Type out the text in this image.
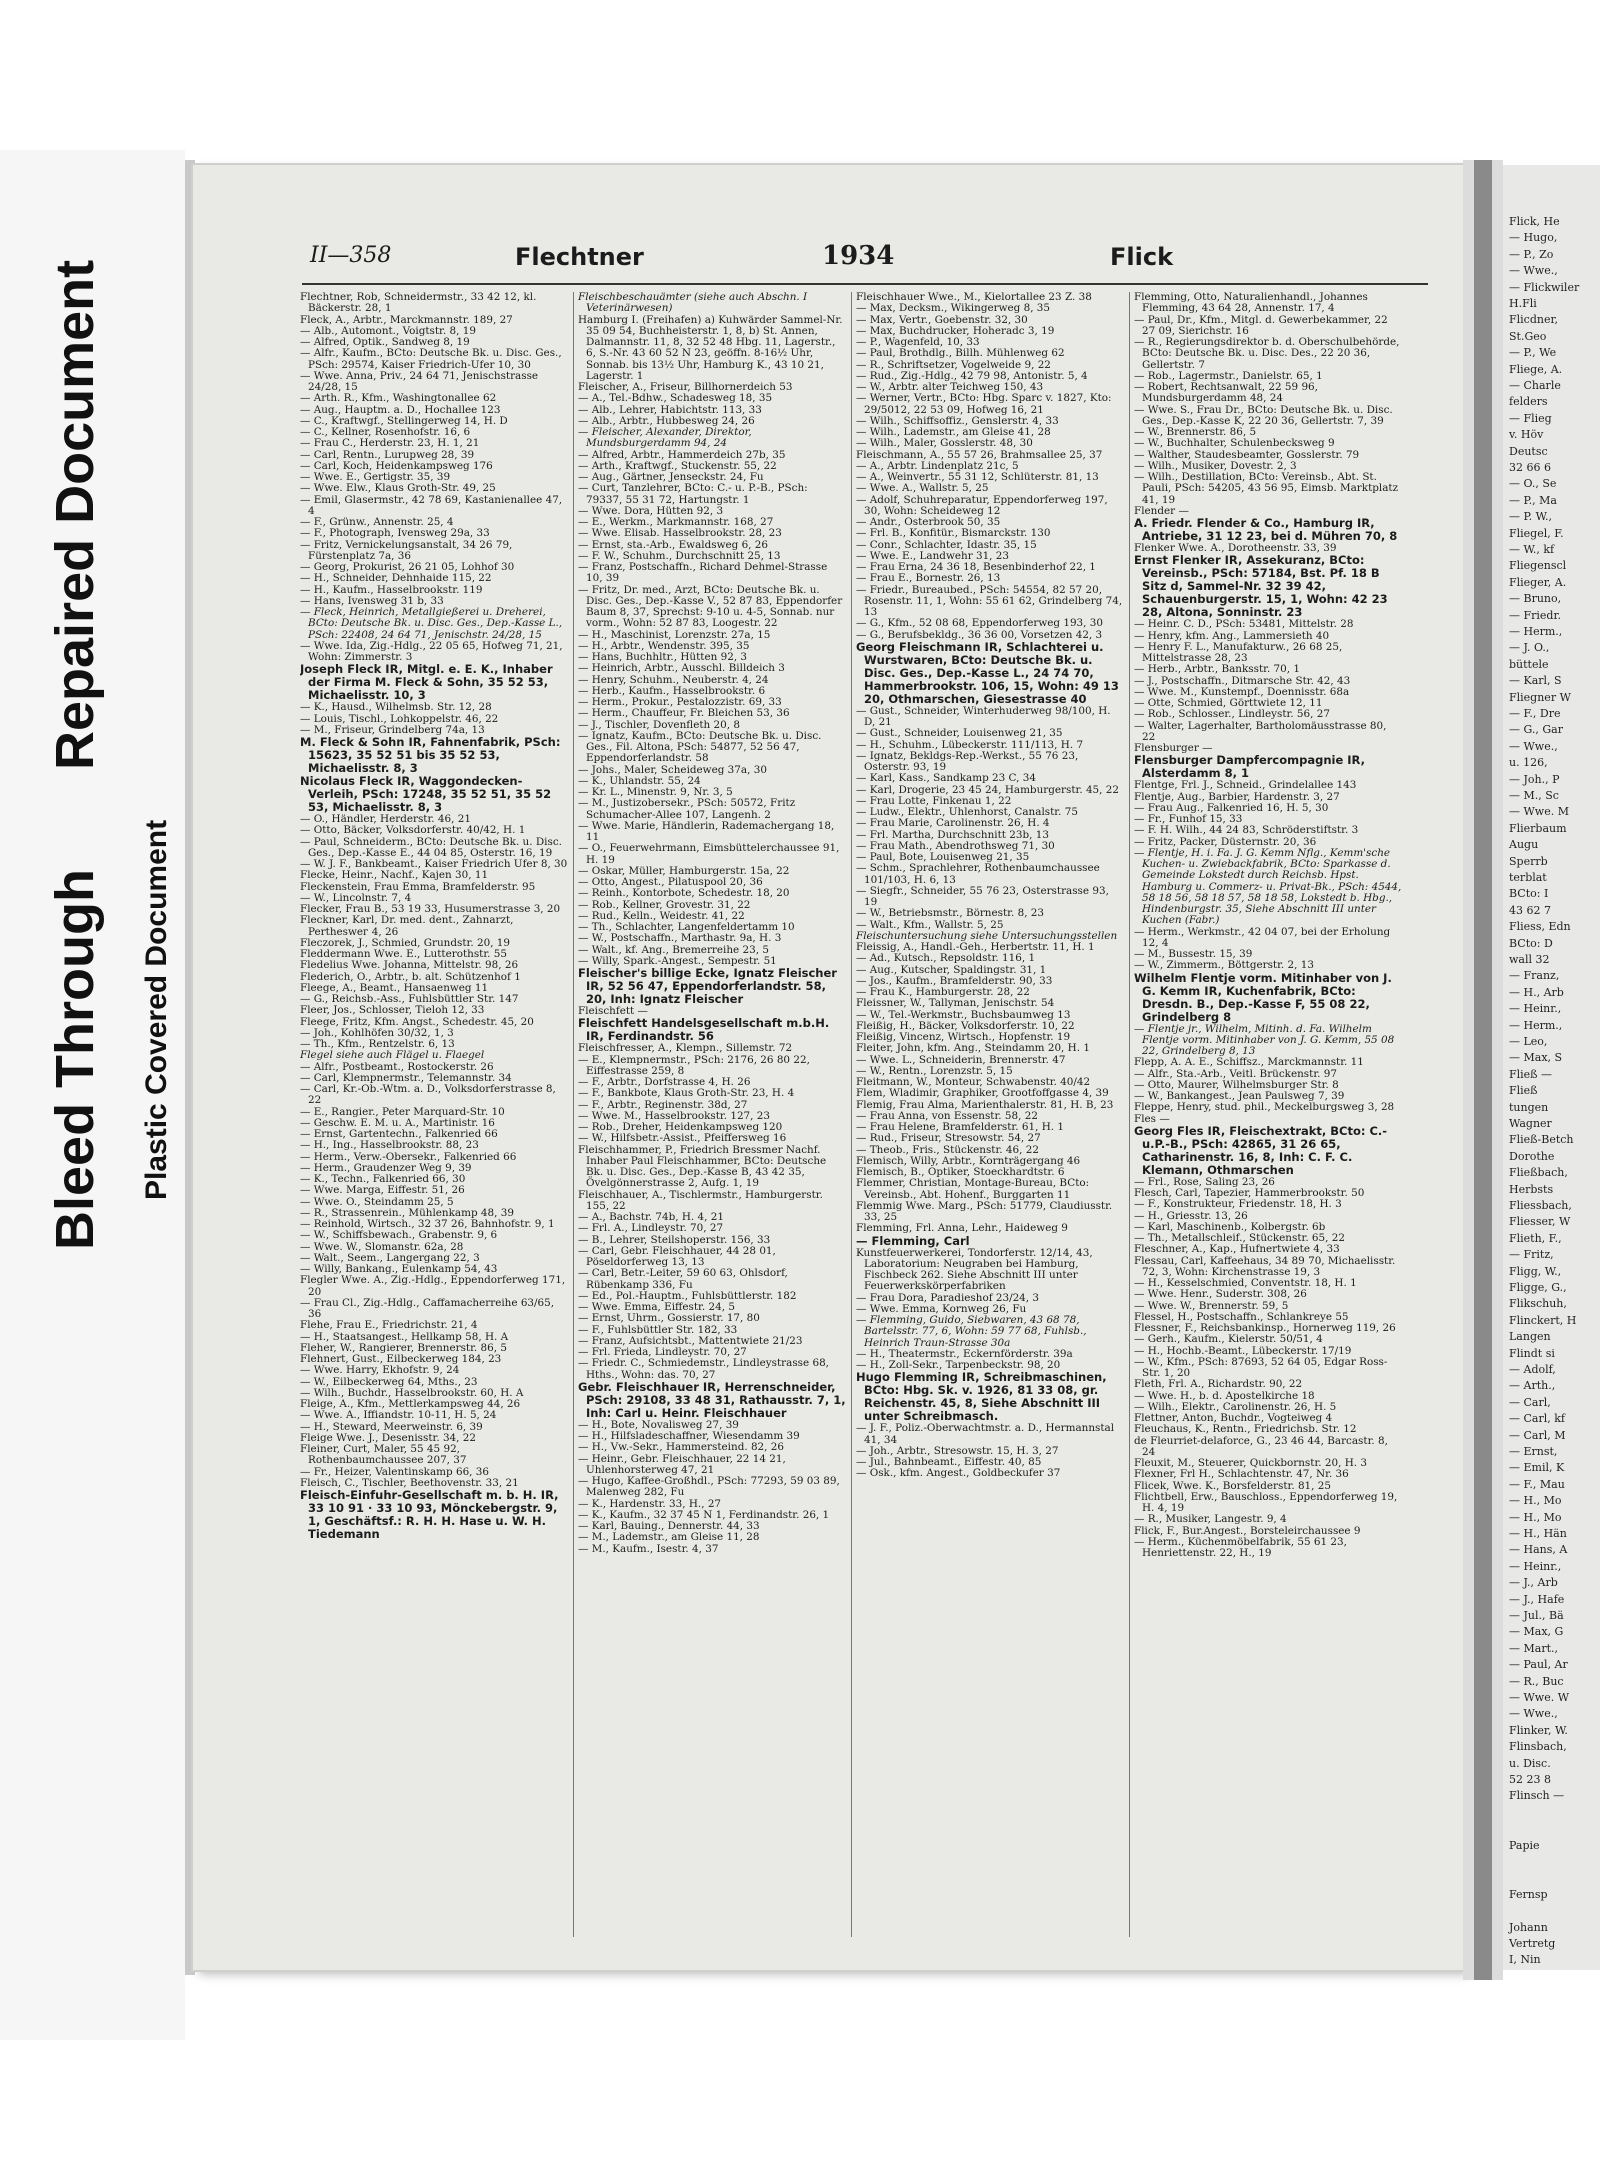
Bleed Through
Repaired Document
Plastic Covered Document
Flick, He
— Hugo,
— P., Zo
— Wwe.,
— Flickwiler
H.Fli
Flicdner,
St.Geo
— P., We
Fliege, A.
— Charle
felders
— Flieg
v. Höv
Deutsc
32 66 6
— O., Se
— P., Ma
— P. W.,
Fliegel, F.
— W., kf
Fliegenscl
Flieger, A.
— Bruno,
— Friedr.
— Herm.,
— J. O.,
büttele
— Karl, S
Fliegner W
— F., Dre
— G., Gar
— Wwe.,
u. 126,
— Joh., P
— M., Sc
— Wwe. M
Flierbaum
Augu
Sperrb
terblat
BCto: I
43 62 7
Fliess, Edn
BCto: D
wall 32
— Franz,
— H., Arb
— Heinr.,
— Herm.,
— Leo,
— Max, S
Fließ —
Fließ
tungen
Wagner
Fließ-Betch
Dorothe
Fließbach,
Herbsts
Fliessbach,
Fliesser, W
Flieth, F.,
— Fritz,
Fligg, W.,
Fligge, G.,
Flikschuh,
Flinckert, H
Langen
Flindt si
— Adolf,
— Arth.,
— Carl,
— Carl, kf
— Carl, M
— Ernst,
— Emil, K
— F., Mau
— H., Mo
— H., Mo
— H., Hän
— Hans, A
— Heinr.,
— J., Arb
— J., Hafe
— Jul., Bä
— Max, G
— Mart.,
— Paul, Ar
— R., Buc
— Wwe. W
— Wwe.,
Flinker, W.
Flinsbach,
u. Disc.
52 23 8
Flinsch —
Papie
Fernsp
Johann
Vertretg
I, Nin
II—358	Flechtner	1934	Flick

Flechtner, Rob, Schneidermstr., 33 42 12, kl. Bäckerstr. 28, 1

Fleck, A., Arbtr., Marckmannstr. 189, 27

— Alb., Automont., Voigtstr. 8, 19

— Alfred, Optik., Sandweg 8, 19

— Alfr., Kaufm., BCto: Deutsche Bk. u. Disc. Ges., PSch: 29574, Kaiser Friedrich-Ufer 10, 30

— Wwe. Anna, Priv., 24 64 71, Jenischstrasse 24/28, 15

— Arth. R., Kfm., Washingtonallee 62

— Aug., Hauptm. a. D., Hochallee 123

— C., Kraftwgf., Stellingerweg 14, H. D

— C., Kellner, Rosenhofstr. 16, 6

— Frau C., Herderstr. 23, H. 1, 21

— Carl, Rentn., Lurupweg 28, 39

— Carl, Koch, Heidenkampsweg 176

— Wwe. E., Gertigstr. 35, 39

— Wwe. Elw., Klaus Groth-Str. 49, 25

— Emil, Glasermstr., 42 78 69, Kastanienallee 47, 4

— F., Grünw., Annenstr. 25, 4

— F., Photograph, Ivensweg 29a, 33

— Fritz, Vernickelungsanstalt, 34 26 79, Fürstenplatz 7a, 36

— Georg, Prokurist, 26 21 05, Lohhof 30

— H., Schneider, Dehnhaide 115, 22

— H., Kaufm., Hasselbrookstr. 119

— Hans, Ivensweg 31 b, 33

— Fleck, Heinrich, Metallgießerei u. Dreherei, BCto: Deutsche Bk. u. Disc. Ges., Dep.-Kasse L., PSch: 22408, 24 64 71, Jenischstr. 24/28, 15

— Wwe. Ida, Zig.-Hdlg., 22 05 65, Hofweg 71, 21, Wohn: Zimmerstr. 3

Joseph Fleck IR, Mitgl. e. E. K., Inhaber der Firma M. Fleck & Sohn, 35 52 53, Michaelisstr. 10, 3

— K., Hausd., Wilhelmsb. Str. 12, 28

— Louis, Tischl., Lohkoppelstr. 46, 22

— M., Friseur, Grindelberg 74a, 13

M. Fleck & Sohn IR, Fahnenfabrik, PSch: 15623, 35 52 51 bis 35 52 53, Michaelisstr. 8, 3

Nicolaus Fleck IR, Waggondecken-Verleih, PSch: 17248, 35 52 51, 35 52 53, Michaelisstr. 8, 3

— O., Händler, Herderstr. 46, 21

— Otto, Bäcker, Volksdorferstr. 40/42, H. 1

— Paul, Schneiderm., BCto: Deutsche Bk. u. Disc. Ges., Dep.-Kasse E., 44 04 85, Osterstr. 16, 19

— W. J. F., Bankbeamt., Kaiser Friedrich Ufer 8, 30

Flecke, Heinr., Nachf., Kajen 30, 11

Fleckenstein, Frau Emma, Bramfelderstr. 95

— W., Lincolnstr. 7, 4

Flecker, Frau B., 53 19 33, Husumerstrasse 3, 20

Fleckner, Karl, Dr. med. dent., Zahnarzt, Pertheswег 4, 26

Fleczorek, J., Schmied, Grundstr. 20, 19

Fleddermann Wwe. E., Lutterothstr. 55

Fledelius Wwe. Johanna, Mittelstr. 98, 26

Flederich, O., Arbtr., b. alt. Schützenhof 1

Fleege, A., Beamt., Hansaenweg 11

— G., Reichsb.-Ass., Fuhlsbüttler Str. 147

Fleer, Jos., Schlosser, Tieloh 12, 33

Fleege, Fritz, Kfm. Angst., Schedestr. 45, 20

— Joh., Kohlhöfen 30/32, 1, 3

— Th., Kfm., Rentzelstr. 6, 13

Flegel siehe auch Flägel u. Flaegel

— Alfr., Postbeamt., Rostockerstr. 26

— Carl, Klempnermstr., Telemannstr. 34

— Carl, Kr.-Ob.-Wtm. a. D., Volksdorferstrasse 8, 22

— E., Rangier., Peter Marquard-Str. 10

— Geschw. E. M. u. A., Martinistr. 16

— Ernst, Gartentechn., Falkenried 66

— H., Ing., Hasselbrookstr. 88, 23

— Herm., Verw.-Obersekr., Falkenried 66

— Herm., Graudenzer Weg 9, 39

— K., Techn., Falkenried 66, 30

— Wwe. Marga, Eiffestr. 51, 26

— Wwe. O., Steindamm 25, 5

— R., Strassenrein., Mühlenkamp 48, 39

— Reinhold, Wirtsch., 32 37 26, Bahnhofstr. 9, 1

— W., Schiffsbewach., Grabenstr. 9, 6

— Wwe. W., Slomanstr. 62a, 28

— Walt., Seem., Langergang 22, 3

— Willy, Bankang., Eulenkamp 54, 43

Flegler Wwe. A., Zig.-Hdlg., Eppendorferweg 171, 20

— Frau Cl., Zig.-Hdlg., Caffamacherreihe 63/65, 36

Flehe, Frau E., Friedrichstr. 21, 4

— H., Staatsangest., Hellkamp 58, H. A

Fleher, W., Rangierer, Brennerstr. 86, 5

Flehnert, Gust., Eilbeckerweg 184, 23

— Wwe. Harry, Ekhofstr. 9, 24

— W., Eilbeckerweg 64, Mths., 23

— Wilh., Buchdr., Hasselbrookstr. 60, H. A

Fleige, A., Kfm., Mettlerkampsweg 44, 26

— Wwe. A., Iffiandstr. 10-11, H. 5, 24

— H., Steward, Meerweinstr. 6, 39

Fleige Wwe. J., Desenisstr. 34, 22

Fleiner, Curt, Maler, 55 45 92, Rothenbaumchaussee 207, 37

— Fr., Heizer, Valentinskamp 66, 36

Fleisch, C., Tischler, Beethovenstr. 33, 21

Fleisch-Einfuhr-Gesellschaft m. b. H. IR, 33 10 91 · 33 10 93, Mönckebergstr. 9, 1, Geschäftsf.: R. H. H. Hase u. W. H. Tiedemann

Fleischbeschauämter (siehe auch Abschn. I Veterinärwesen)

Hamburg I. (Freihafen) a) Kuhwärder Sammel-Nr. 35 09 54, Buchheisterstr. 1, 8, b) St. Annen, Dalmannstr. 11, 8, 32 52 48 Hbg. 11, Lagerstr., 6, S.-Nr. 43 60 52 N 23, geöffn. 8-16½ Uhr, Sonnab. bis 13½ Uhr, Hamburg K., 43 10 21, Lagerstr. 1

Fleischer, A., Friseur, Billhornerdeich 53

— A., Tel.-Bdhw., Schadesweg 18, 35

— Alb., Lehrer, Habichtstr. 113, 33

— Alb., Arbtr., Hubbesweg 24, 26

— Fleischer, Alexander, Direktor, Mundsburgerdamm 94, 24

— Alfred, Arbtr., Hammerdeich 27b, 35

— Arth., Kraftwgf., Stuckenstr. 55, 22

— Aug., Gärtner, Jenseckstr. 24, Fu

— Curt, Tanzlehrer, BCto: C.- u. P.-B., PSch: 79337, 55 31 72, Hartungstr. 1

— Wwe. Dora, Hütten 92, 3

— E., Werkm., Markmannstr. 168, 27

— Wwe. Elisab. Hasselbrookstr. 28, 23

— Ernst, sta.-Arb., Ewaldsweg 6, 26

— F. W., Schuhm., Durchschnitt 25, 13

— Franz, Postschaffn., Richard Dehmel-Strasse 10, 39

— Fritz, Dr. med., Arzt, BCto: Deutsche Bk. u. Disc. Ges., Dep.-Kasse V., 52 87 83, Eppendorfer Baum 8, 37, Sprechst: 9-10 u. 4-5, Sonnab. nur vorm., Wohn: 52 87 83, Loogestr. 22

— H., Maschinist, Lorenzstr. 27a, 15

— H., Arbtr., Wendenstr. 395, 35

— Hans, Buchhltr., Hütten 92, 3

— Heinrich, Arbtr., Ausschl. Billdeich 3

— Henry, Schuhm., Neuberstr. 4, 24

— Herb., Kaufm., Hasselbrookstr. 6

— Herm., Prokur., Pestalozzistr. 69, 33

— Herm., Chauffeur, Fr. Bleichen 53, 36

— J., Tischler, Dovenfleth 20, 8

— Ignatz, Kaufm., BCto: Deutsche Bk. u. Disc. Ges., Fil. Altona, PSch: 54877, 52 56 47, Eppendorferlandstr. 58

— Johs., Maler, Scheideweg 37a, 30

— K., Uhlandstr. 55, 24

— Kr. L., Minenstr. 9, Nr. 3, 5

— M., Justizobersekr., PSch: 50572, Fritz Schumacher-Allee 107, Langenh. 2

— Wwe. Marie, Händlerin, Rademachergang 18, 11

— O., Feuerwehrmann, Eimsbüttelerchaussee 91, H. 19

— Oskar, Müller, Hamburgerstr. 15a, 22

— Otto, Angest., Pilatuspool 20, 36

— Reinh., Kontorbote, Schedestr. 18, 20

— Rob., Kellner, Grovestr. 31, 22

— Rud., Kelln., Weidestr. 41, 22

— Th., Schlachter, Langenfeldertamm 10

— W., Postschaffn., Marthastr. 9a, H. 3

— Walt., kf. Ang., Bremerreihe 23, 5

— Willy, Spark.-Angest., Sempestr. 51

Fleischer's billige Ecke, Ignatz Fleischer IR, 52 56 47, Eppendorferlandstr. 58, 20, Inh: Ignatz Fleischer

Fleischfett —

Fleischfett Handelsgesellschaft m.b.H. IR, Ferdinandstr. 56

Fleischfresser, A., Klempn., Sillemstr. 72

— E., Klempnermstr., PSch: 2176, 26 80 22, Eiffestrasse 259, 8

— F., Arbtr., Dorfstrasse 4, H. 26

— F., Bankbote, Klaus Groth-Str. 23, H. 4

— F., Arbtr., Reginenstr. 38d, 27

— Wwe. M., Hasselbrookstr. 127, 23

— Rob., Dreher, Heidenkampsweg 120

— W., Hilfsbetr.-Assist., Pfeiffersweg 16

Fleischhammer, P., Friedrich Bressmer Nachf. Inhaber Paul Fleischhammer, BCto: Deutsche Bk. u. Disc. Ges., Dep.-Kasse B, 43 42 35, Övelgönnerstrasse 2, Aufg. 1, 19

Fleischhauer, A., Tischlermstr., Hamburgerstr. 155, 22

— A., Bachstr. 74b, H. 4, 21

— Frl. A., Lindleystr. 70, 27

— B., Lehrer, Steilshoperstr. 156, 33

— Carl, Gebr. Fleischhauer, 44 28 01, Pöseldorferweg 13, 13

— Carl, Betr.-Leiter, 59 60 63, Ohlsdorf, Rübenkamp 336, Fu

— Ed., Pol.-Hauptm., Fuhlsbüttlerstr. 182

— Wwe. Emma, Eiffestr. 24, 5

— Ernst, Uhrm., Gossierstr. 17, 80

— F., Fuhlsbüttler Str. 182, 33

— Franz, Aufsichtsbt., Mattentwiete 21/23

— Frl. Frieda, Lindleystr. 70, 27

— Friedr. C., Schmiedemstr., Lindleystrasse 68, Hths., Wohn: das. 70, 27

Gebr. Fleischhauer IR, Herrenschneider, PSch: 29108, 33 48 31, Rathausstr. 7, 1, Inh: Carl u. Heinr. Fleischhauer

— H., Bote, Novalisweg 27, 39

— H., Hilfsladeschaffner, Wiesendamm 39

— H., Vw.-Sekr., Hammersteind. 82, 26

— Heinr., Gebr. Fleischhauer, 22 14 21, Uhlenhorsterweg 47, 21

— Hugo, Kaffee-Großhdl., PSch: 77293, 59 03 89, Malenweg 282, Fu

— K., Hardenstr. 33, H., 27

— K., Kaufm., 32 37 45 N 1, Ferdinandstr. 26, 1

— Karl, Bauing., Dennerstr. 44, 33

— M., Lademstr., am Gleise 11, 28

— M., Kaufm., Isestr. 4, 37

Fleischhauer Wwe., M., Kielortallee 23 Z. 38

— Max, Decksm., Wikingerweg 8, 35

— Max, Vertr., Goebenstr. 32, 30

— Max, Buchdrucker, Hoheradc 3, 19

— P., Wagenfeld, 10, 33

— Paul, Brothdlg., Billh. Mühlenweg 62

— R., Schriftsetzer, Vogelweide 9, 22

— Rud., Zig.-Hdlg., 42 79 98, Antonistr. 5, 4

— W., Arbtr. alter Teichweg 150, 43

— Werner, Vertr., BCto: Hbg. Sparc v. 1827, Kto: 29/5012, 22 53 09, Hofweg 16, 21

— Wilh., Schiffsoffiz., Genslerstr. 4, 33

— Wilh., Lademstr., am Gleise 41, 28

— Wilh., Maler, Gosslerstr. 48, 30

Fleischmann, A., 55 57 26, Brahmsallee 25, 37

— A., Arbtr. Lindenplatz 21c, 5

— A., Weinvertr., 55 31 12, Schlüterstr. 81, 13

— Wwe. A., Wallstr. 5, 25

— Adolf, Schuhreparatur, Eppendorferweg 197, 30, Wohn: Scheideweg 12

— Andr., Osterbrook 50, 35

— Frl. B., Konfitür., Bismarckstr. 130

— Conr., Schlachter, Idastr. 35, 15

— Wwe. E., Landwehr 31, 23

— Frau Erna, 24 36 18, Besenbinderhof 22, 1

— Frau E., Bornestr. 26, 13

— Friedr., Bureaubed., PSch: 54554, 82 57 20, Rosenstr. 11, 1, Wohn: 55 61 62, Grindelberg 74, 13

— G., Kfm., 52 08 68, Eppendorferweg 193, 30

— G., Berufsbekldg., 36 36 00, Vorsetzen 42, 3

Georg Fleischmann IR, Schlachterei u. Wurstwaren, BCto: Deutsche Bk. u. Disc. Ges., Dep.-Kasse L., 24 74 70, Hammerbrookstr. 106, 15, Wohn: 49 13 20, Othmarschen, Giesestrasse 40

— Gust., Schneider, Winterhuderweg 98/100, H. D, 21

— Gust., Schneider, Louisenweg 21, 35

— H., Schuhm., Lübeckerstr. 111/113, H. 7

— Ignatz, Bekldgs-Rep.-Werkst., 55 76 23, Osterstr. 93, 19

— Karl, Kass., Sandkamp 23 C, 34

— Karl, Drogerie, 23 45 24, Hamburgerstr. 45, 22

— Frau Lotte, Finkenau 1, 22

— Ludw., Elektr., Uhlenhorst, Canalstr. 75

— Frau Marie, Carolinenstr. 26, H. 4

— Frl. Martha, Durchschnitt 23b, 13

— Frau Math., Abendrothsweg 71, 30

— Paul, Bote, Louisenweg 21, 35

— Schm., Sprachlehrer, Rothenbaumchaussee 101/103, H. 6, 13

— Siegfr., Schneider, 55 76 23, Osterstrasse 93, 19

— W., Betriebsmstr., Börnestr. 8, 23

— Walt., Kfm., Wallstr. 5, 25

Fleischuntersuchung siehe Untersuchungsstellen

Fleissig, A., Handl.-Geh., Herbertstr. 11, H. 1

— Ad., Kutsch., Repsoldstr. 116, 1

— Aug., Kutscher, Spaldingstr. 31, 1

— Jos., Kaufm., Bramfelderstr. 90, 33

— Frau K., Hamburgerstr. 28, 22

Fleissner, W., Tallyman, Jenischstr. 54

— W., Tel.-Werkmstr., Buchsbaumweg 13

Fleißig, H., Bäcker, Volksdorferstr. 10, 22

Fleißig, Vincenz, Wirtsch., Hopfenstr. 19

Fleiter, John, kfm. Ang., Steindamm 20, H. 1

— Wwe. L., Schneiderin, Brennerstr. 47

— W., Rentn., Lorenzstr. 5, 15

Fleitmann, W., Monteur, Schwabenstr. 40/42

Flem, Wladimir, Graphiker, Grootfoffgasse 4, 39

Flemig, Frau Alma, Marienthalerstr. 81, H. B, 23

— Frau Anna, von Essenstr. 58, 22

— Frau Helene, Bramfelderstr. 61, H. 1

— Rud., Friseur, Stresowstr. 54, 27

— Theob., Fris., Stückenstr. 46, 22

Flemisch, Willy, Arbtr., Kornträgergang 46

Flemisch, B., Optiker, Stoeckhardtstr. 6

Flemmer, Christian, Montage-Bureau, BCto: Vereinsb., Abt. Hohenf., Burggarten 11

Flemmig Wwe. Marg., PSch: 51779, Claudiusstr. 33, 25

Flemming, Frl. Anna, Lehr., Haideweg 9

— Flemming, Carl

Kunstfeuerwerkerei, Tondorferstr. 12/14, 43, Laboratorium: Neugraben bei Hamburg, Fischbeck 262. Siehe Abschnitt III unter Feuerwerkskörperfabriken

— Frau Dora, Paradieshof 23/24, 3

— Wwe. Emma, Kornweg 26, Fu

— Flemming, Guido, Siebwaren, 43 68 78, Bartelsstr. 77, 6, Wohn: 59 77 68, Fuhlsb., Heinrich Traun-Strasse 30a

— H., Theatermstr., Eckernförderstr. 39a

— H., Zoll-Sekr., Tarpenbeckstr. 98, 20

Hugo Flemming IR, Schreibmaschinen, BCto: Hbg. Sk. v. 1926, 81 33 08, gr. Reichenstr. 45, 8, Siehe Abschnitt III unter Schreibmasch.

— J. F., Poliz.-Oberwachtmstr. a. D., Hermannstal 41, 34

— Joh., Arbtr., Stresowstr. 15, H. 3, 27

— Jul., Bahnbeamt., Eiffestr. 40, 85

— Osk., kfm. Angest., Goldbeckufer 37

Flemming, Otto, Naturalienhandl., Johannes Flemming, 43 64 28, Annenstr. 17, 4

— Paul, Dr., Kfm., Mitgl. d. Gewerbekammer, 22 27 09, Sierichstr. 16

— R., Regierungsdirektor b. d. Oberschulbehörde, BCto: Deutsche Bk. u. Disc. Des., 22 20 36, Gellertstr. 7

— Rob., Lagermstr., Danielstr. 65, 1

— Robert, Rechtsanwalt, 22 59 96, Mundsburgerdamm 48, 24

— Wwe. S., Frau Dr., BCto: Deutsche Bk. u. Disc. Ges., Dep.-Kasse K, 22 20 36, Gellertstr. 7, 39

— W., Brennerstr. 86, 5

— W., Buchhalter, Schulenbecksweg 9

— Walther, Staudesbeamter, Gosslerstr. 79

— Wilh., Musiker, Dovestr. 2, 3

— Wilh., Destillation, BCto: Vereinsb., Abt. St. Pauli, PSch: 54205, 43 56 95, Eimsb. Marktplatz 41, 19

Flender —

A. Friedr. Flender & Co., Hamburg IR, Antriebe, 31 12 23, bei d. Mühren 70, 8

Flenker Wwe. A., Dorotheenstr. 33, 39

Ernst Flenker IR, Assekuranz, BCto: Vereinsb., PSch: 57184, Bst. Pf. 18 B Sitz d, Sammel-Nr. 32 39 42, Schauenburgerstr. 15, 1, Wohn: 42 23 28, Altona, Sonninstr. 23

— Heinr. C. D., PSch: 53481, Mittelstr. 28

— Henry, kfm. Ang., Lammersieth 40

— Henry F. L., Manufakturw., 26 68 25, Mittelstrasse 28, 23

— Herb., Arbtr., Banksstr. 70, 1

— J., Postschaffn., Ditmarsche Str. 42, 43

— Wwe. M., Kunstempf., Doennisstr. 68a

— Otte, Schmied, Görttwiete 12, 11

— Rob., Schlosser., Lindleystr. 56, 27

— Walter, Lagerhalter, Bartholomäusstrasse 80, 22

Flensburger —

Flensburger Dampfercompagnie IR, Alsterdamm 8, 1

Flentge, Frl. J., Schneid., Grindelallee 143

Flentje, Aug., Barbier, Hardenstr. 3, 27

— Frau Aug., Falkenried 16, H. 5, 30

— Fr., Funhof 15, 33

— F. H. Wilh., 44 24 83, Schröderstiftstr. 3

— Fritz, Packer, Düsternstr. 20, 36

— Flentje, H. i. Fa. J. G. Kemm Nflg., Kemm'sche Kuchen- u. Zwiebackfabrik, BCto: Sparkasse d. Gemeinde Lokstedt durch Reichsb. Hpst. Hamburg u. Commerz- u. Privat-Bk., PSch: 4544, 58 18 56, 58 18 57, 58 18 58, Lokstedt b. Hbg., Hindenburgstr. 35, Siehe Abschnitt III unter Kuchen (Fabr.)

— Herm., Werkmstr., 42 04 07, bei der Erholung 12, 4

— M., Bussestr. 15, 39

— W., Zimmerm., Böttgerstr. 2, 13

Wilhelm Flentje vorm. Mitinhaber von J. G. Kemm IR, Kuchenfabrik, BCto: Dresdn. B., Dep.-Kasse F, 55 08 22, Grindelberg 8

— Flentje jr., Wilhelm, Mitinh. d. Fa. Wilhelm Flentje vorm. Mitinhaber von J. G. Kemm, 55 08 22, Grindelberg 8, 13

Flepp, A. A. E., Schiffsz., Marckmannstr. 11

— Alfr., Sta.-Arb., Veitl. Brückenstr. 97

— Otto, Maurer, Wilhelmsburger Str. 8

— W., Bankangest., Jean Paulsweg 7, 39

Fleppe, Henry, stud. phil., Meckelburgsweg 3, 28

Fles —

Georg Fles IR, Fleischextrakt, BCto: C.-u.P.-B., PSch: 42865, 31 26 65, Catharinenstr. 16, 8, Inh: C. F. C. Klemann, Othmarschen

— Frl., Rose, Saling 23, 26

Flesch, Carl, Tapezier, Hammerbrookstr. 50

— F., Konstrukteur, Friedenstr. 18, H. 3

— H., Griesstr. 13, 26

— Karl, Maschinenb., Kolbergstr. 6b

— Th., Metallschleif., Stückenstr. 65, 22

Fleschner, A., Kap., Hufnertwiete 4, 33

Flessau, Carl, Kaffeehaus, 34 89 70, Michaelisstr. 72, 3, Wohn: Kirchenstrasse 19, 3

— H., Kesselschmied, Conventstr. 18, H. 1

— Wwe. Henr., Suderstr. 308, 26

— Wwe. W., Brennerstr. 59, 5

Flessel, H., Postschaffn., Schlankreye 55

Flessner, F., Reichsbankinsp., Hornerweg 119, 26

— Gerh., Kaufm., Kielerstr. 50/51, 4

— H., Hochb.-Beamt., Lübeckerstr. 17/19

— W., Kfm., PSch: 87693, 52 64 05, Edgar Ross-Str. 1, 20

Fleth, Frl. A., Richardstr. 90, 22

— Wwe. H., b. d. Apostelkirche 18

— Wilh., Elektr., Carolinenstr. 26, H. 5

Flettner, Anton, Buchdr., Vogteiweg 4

Fleuchaus, K., Rentn., Friedrichsb. Str. 12

de Fleurriet-delaforce, G., 23 46 44, Barcastr. 8, 24

Fleuxit, M., Steuerer, Quickbornstr. 20, H. 3

Flexner, Frl H., Schlachtenstr. 47, Nr. 36

Flicek, Wwe. K., Borsfelderstr. 81, 25

Flichtbell, Erw., Bauschloss., Eppendorferweg 19, H. 4, 19

— R., Musiker, Langestr. 9, 4

Flick, F., Bur.Angest., Borsteleirchaussee 9

— Herm., Küchenmöbelfabrik, 55 61 23, Henriettenstr. 22, H., 19
